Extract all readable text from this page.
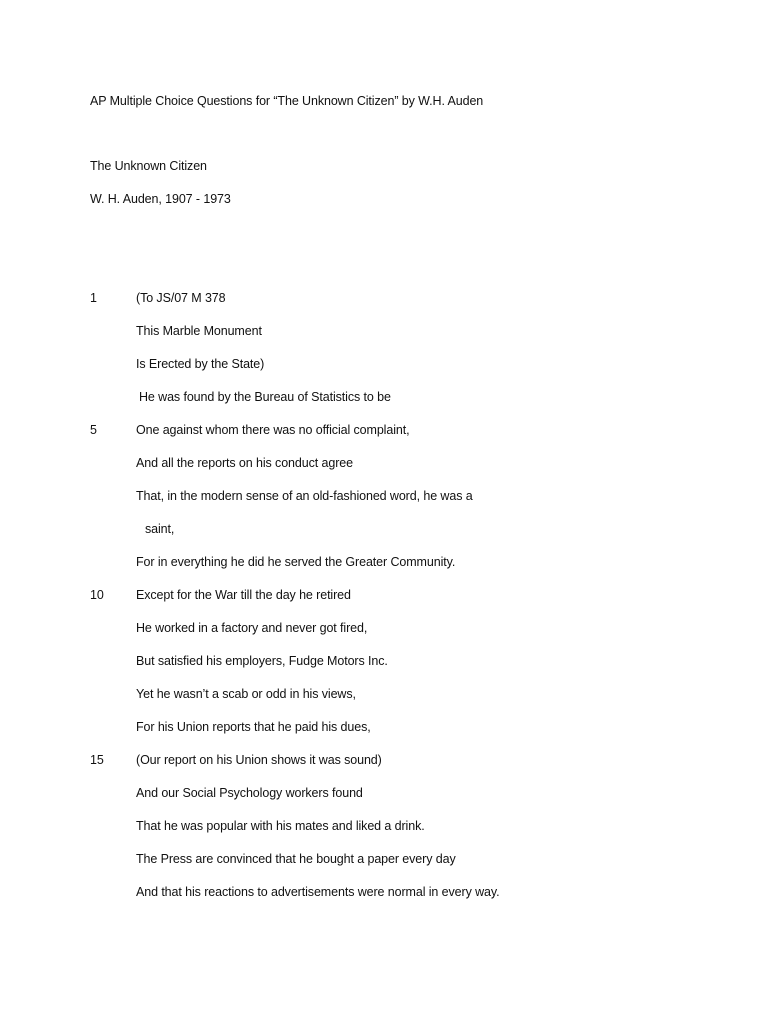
AP Multiple Choice Questions for “The Unknown Citizen” by W.H. Auden
The Unknown Citizen
W. H. Auden, 1907 - 1973
1	(To JS/07 M 378
This Marble Monument
Is Erected by the State)
He was found by the Bureau of Statistics to be
5	One against whom there was no official complaint,
And all the reports on his conduct agree
That, in the modern sense of an old-fashioned word, he was a
saint,
For in everything he did he served the Greater Community.
10	Except for the War till the day he retired
He worked in a factory and never got fired,
But satisfied his employers, Fudge Motors Inc.
Yet he wasn’t a scab or odd in his views,
For his Union reports that he paid his dues,
15	(Our report on his Union shows it was sound)
And our Social Psychology workers found
That he was popular with his mates and liked a drink.
The Press are convinced that he bought a paper every day
And that his reactions to advertisements were normal in every way.
